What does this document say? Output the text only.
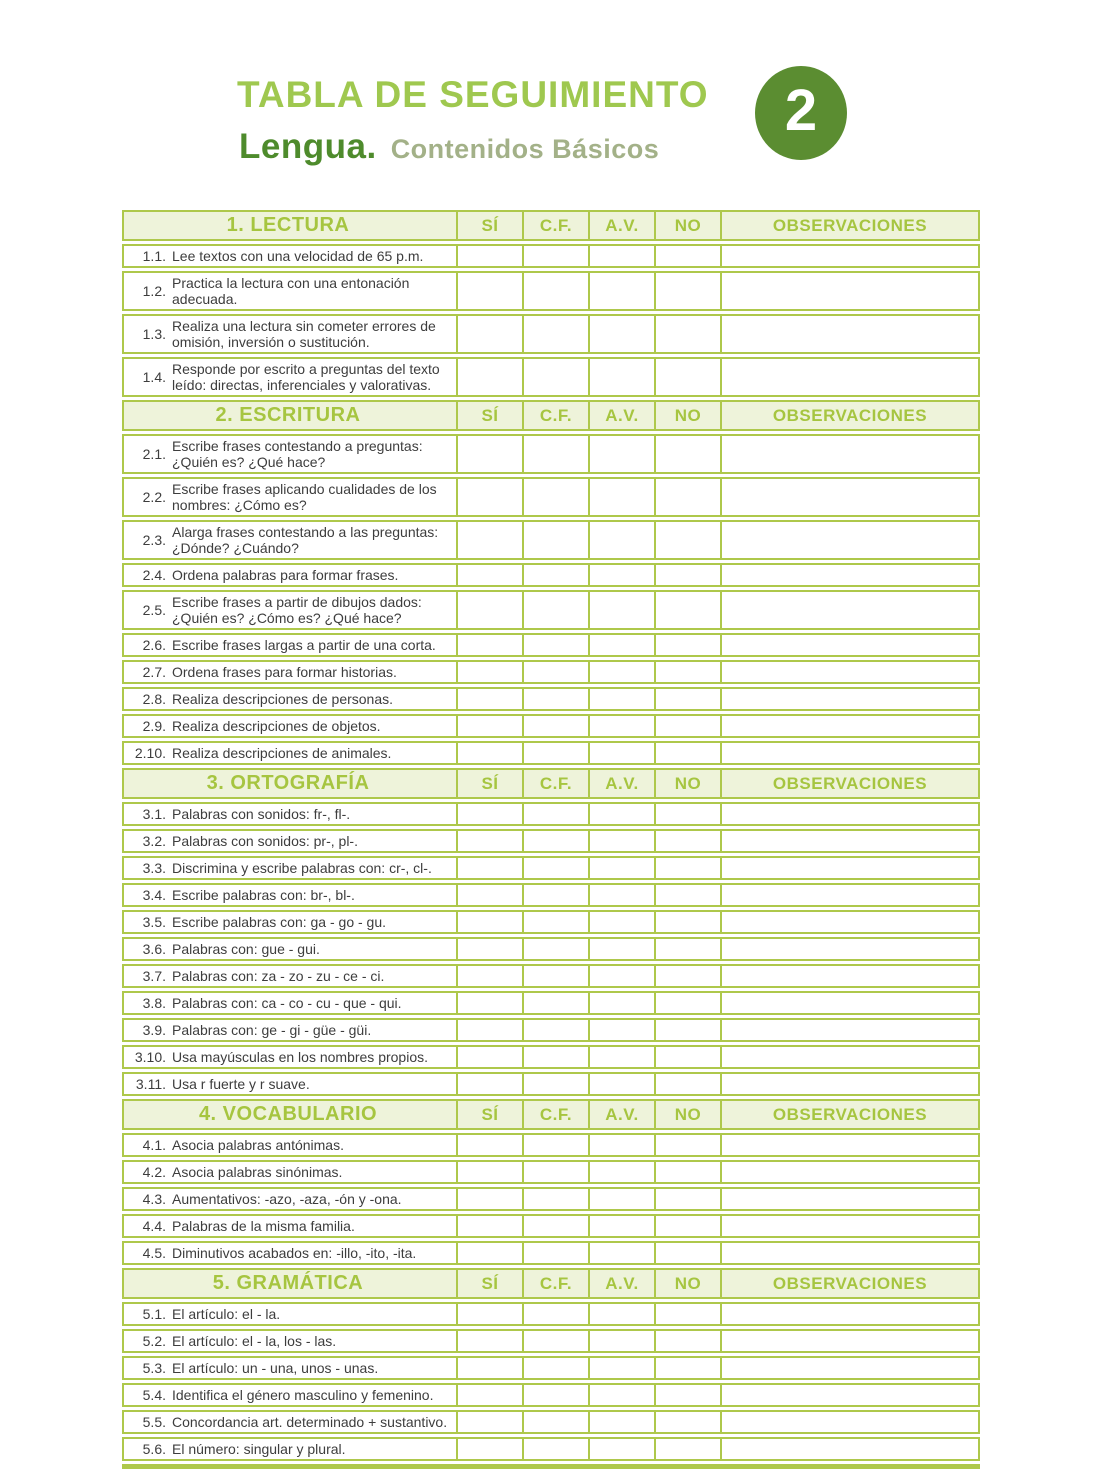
TABLA DE SEGUIMIENTO
Lengua. Contenidos Básicos
2
1. LECTURA	SÍ	C.F.	A.V.	NO	OBSERVACIONES
1.1. Lee textos con una velocidad de 65 p.m.
1.2. Practica la lectura con una entonación
adecuada.
1.3. Realiza una lectura sin cometer errores de
omisión, inversión o sustitución.
1.4. Responde por escrito a preguntas del texto
leído: directas, inferenciales y valorativas.
2. ESCRITURA	SÍ	C.F.	A.V.	NO	OBSERVACIONES
2.1. Escribe frases contestando a preguntas:
¿Quién es? ¿Qué hace?
2.2. Escribe frases aplicando cualidades de los
nombres: ¿Cómo es?
2.3. Alarga frases contestando a las preguntas:
¿Dónde? ¿Cuándo?
2.4. Ordena palabras para formar frases.
2.5. Escribe frases a partir de dibujos dados:
¿Quién es? ¿Cómo es? ¿Qué hace?
2.6. Escribe frases largas a partir de una corta.
2.7. Ordena frases para formar historias.
2.8. Realiza descripciones de personas.
2.9. Realiza descripciones de objetos.
2.10. Realiza descripciones de animales.
3. ORTOGRAFÍA	SÍ	C.F.	A.V.	NO	OBSERVACIONES
3.1. Palabras con sonidos: fr-, fl-.
3.2. Palabras con sonidos: pr-, pl-.
3.3. Discrimina y escribe palabras con: cr-, cl-.
3.4. Escribe palabras con: br-, bl-.
3.5. Escribe palabras con: ga - go - gu.
3.6. Palabras con: gue - gui.
3.7. Palabras con: za - zo - zu - ce - ci.
3.8. Palabras con: ca - co - cu - que - qui.
3.9. Palabras con: ge - gi - güe - güi.
3.10. Usa mayúsculas en los nombres propios.
3.11. Usa r fuerte y r suave.
4. VOCABULARIO	SÍ	C.F.	A.V.	NO	OBSERVACIONES
4.1. Asocia palabras antónimas.
4.2. Asocia palabras sinónimas.
4.3. Aumentativos: -azo, -aza, -ón y -ona.
4.4. Palabras de la misma familia.
4.5. Diminutivos acabados en: -illo, -ito, -ita.
5. GRAMÁTICA	SÍ	C.F.	A.V.	NO	OBSERVACIONES
5.1. El artículo: el - la.
5.2. El artículo: el - la, los - las.
5.3. El artículo: un - una, unos - unas.
5.4. Identifica el género masculino y femenino.
5.5. Concordancia art. determinado + sustantivo.
5.6. El número: singular y plural.
